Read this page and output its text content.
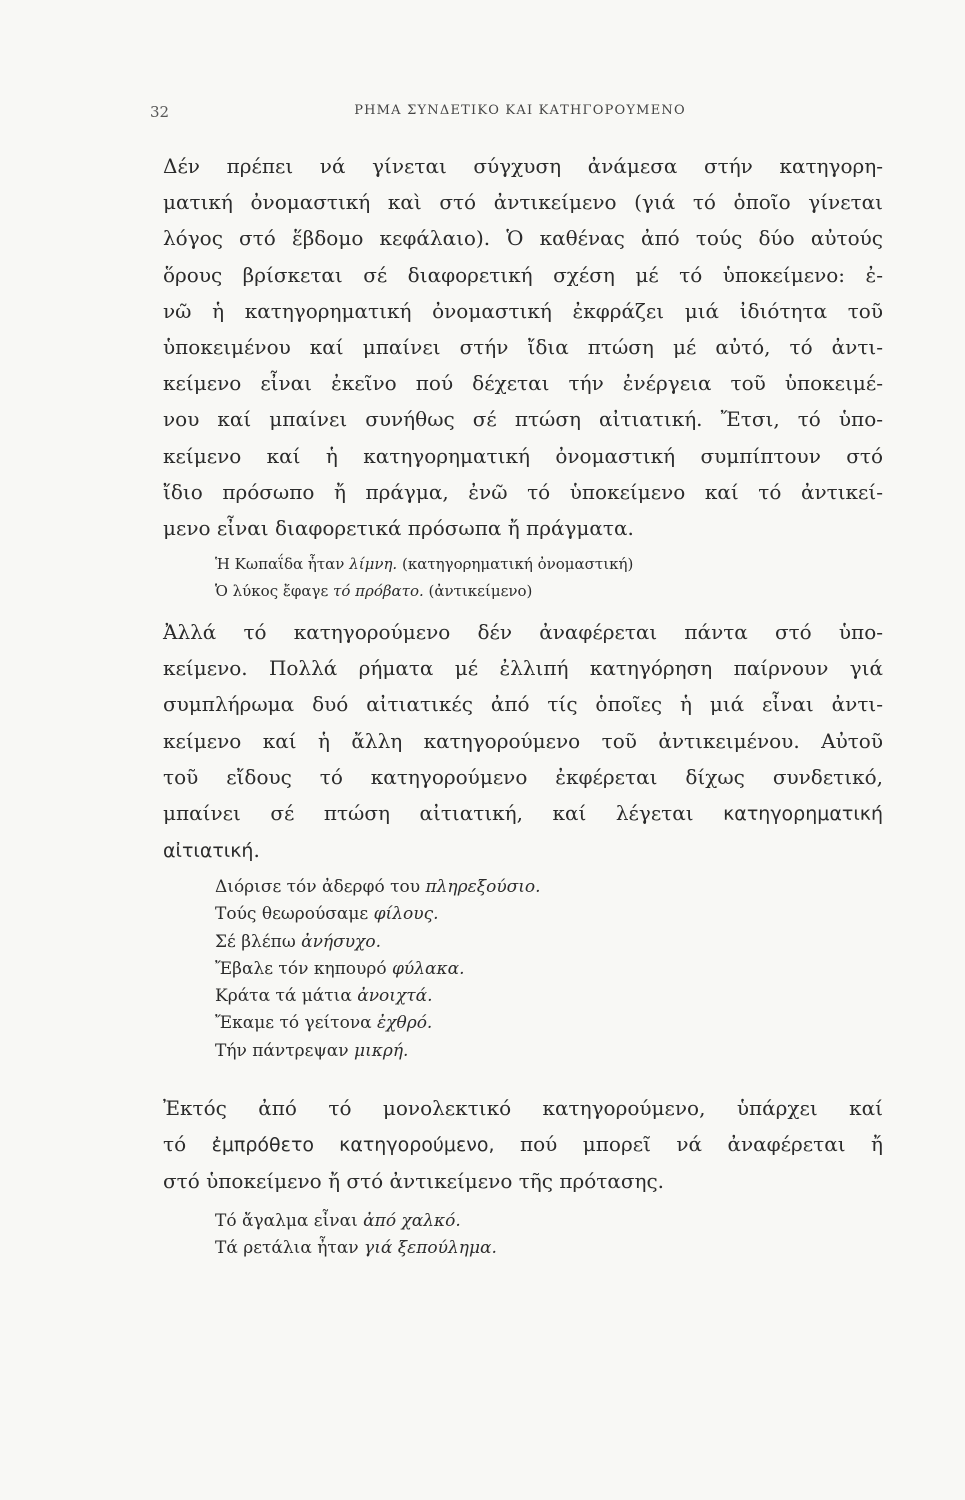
32	ΡΗΜΑ ΣΥΝΔΕΤΙΚΟ ΚΑΙ ΚΑΤΗΓΟΡΟΥΜΕΝΟ
Δέν πρέπει νά γίνεται σύγχυση ἀνάμεσα στήν κατηγορη-
ματική ὀνομαστική καὶ στό ἀντικείμενο (γιά τό ὁποῖο γίνεται
λόγος στό ἕβδομο κεφάλαιο). Ὁ καθένας ἀπό τούς δύο αὐτούς
ὅρους βρίσκεται σέ διαφορετική σχέση μέ τό ὑποκείμενο: ἐ-
νῶ ἡ κατηγορηματική ὀνομαστική ἐκφράζει μιά ἰδιότητα τοῦ
ὑποκειμένου καί μπαίνει στήν ἴδια πτώση μέ αὐτό, τό ἀντι-
κείμενο εἶναι ἐκεῖνο πού δέχεται τήν ἐνέργεια τοῦ ὑποκειμέ-
νου καί μπαίνει συνήθως σέ πτώση αἰτιατική. Ἔτσι, τό ὑπο-
κείμενο καί ἡ κατηγορηματική ὀνομαστική συμπίπτουν στό
ἴδιο πρόσωπο ἤ πράγμα, ἐνῶ τό ὑποκείμενο καί τό ἀντικεί-
μενο εἶναι διαφορετικά πρόσωπα ἤ πράγματα.
Ἡ Κωπαΐδα ἦταν λίμνη. (κατηγορηματική ὀνομαστική)
Ὁ λύκος ἔφαγε τό πρόβατο. (ἀντικείμενο)
Ἀλλά τό κατηγορούμενο δέν ἀναφέρεται πάντα στό ὑπο-
κείμενο. Πολλά ρήματα μέ ἐλλιπή κατηγόρηση παίρνουν γιά
συμπλήρωμα δυό αἰτιατικές ἀπό τίς ὁποῖες ἡ μιά εἶναι ἀντι-
κείμενο καί ἡ ἄλλη κατηγορούμενο τοῦ ἀντικειμένου. Αὐτοῦ
τοῦ εἴδους τό κατηγορούμενο ἐκφέρεται δίχως συνδετικό,
μπαίνει σέ πτώση αἰτιατική, καί λέγεται κατηγορηματική
αἰτιατική.
Διόρισε τόν ἀδερφό του πληρεξούσιο.
Τούς θεωρούσαμε φίλους.
Σέ βλέπω ἀνήσυχο.
Ἔβαλε τόν κηπουρό φύλακα.
Κράτα τά μάτια ἀνοιχτά.
Ἔκαμε τό γείτονα ἐχθρό.
Τήν πάντρεψαν μικρή.
Ἐκτός ἀπό τό μονολεκτικό κατηγορούμενο, ὑπάρχει καί
τό ἐμπρόθετο κατηγορούμενο, πού μπορεῖ νά ἀναφέρεται ἤ
στό ὑποκείμενο ἤ στό ἀντικείμενο τῆς πρότασης.
Τό ἄγαλμα εἶναι ἀπό χαλκό.
Τά ρετάλια ἦταν γιά ξεπούλημα.
